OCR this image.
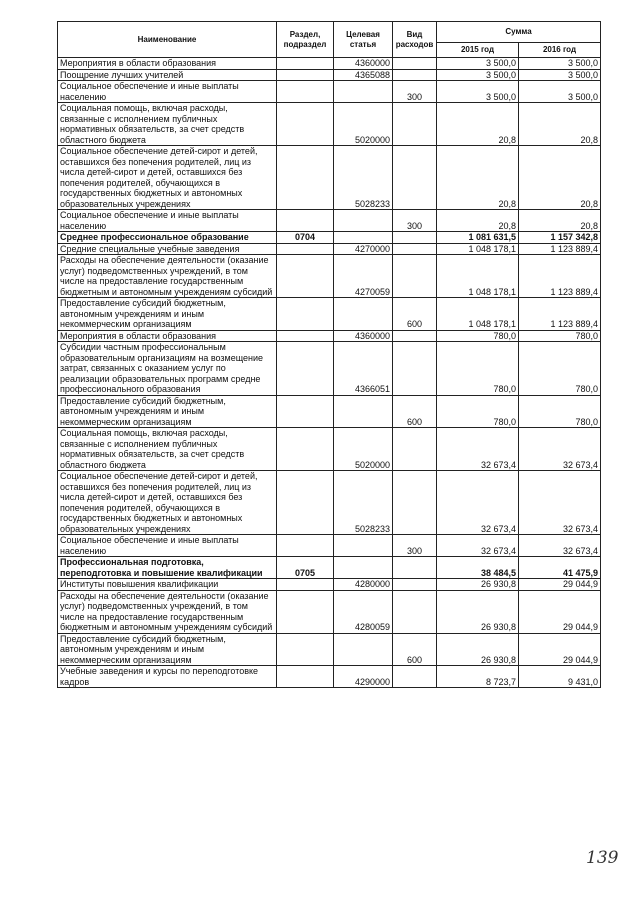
Наименование	Раздел, подраздел	Целевая статья	Вид расходов	Сумма	
				2015 год	2016 год
Мероприятия в области образования		4360000		3 500,0	3 500,0
Поощрение лучших учителей		4365088		3 500,0	3 500,0
Социальное обеспечение и иные выплаты населению			300	3 500,0	3 500,0
Социальная помощь, включая расходы, связанные с исполнением публичных нормативных обязательств, за счет средств областного бюджета		5020000		20,8	20,8
Социальное обеспечение детей-сирот и детей, оставшихся без попечения родителей, лиц из числа детей-сирот и детей, оставшихся без попечения родителей, обучающихся в государственных бюджетных и автономных образовательных учреждениях		5028233		20,8	20,8
Социальное обеспечение и иные выплаты населению			300	20,8	20,8
Среднее профессиональное образование	0704			1 081 631,5	1 157 342,8
Средние специальные учебные заведения		4270000		1 048 178,1	1 123 889,4
Расходы на обеспечение деятельности (оказание услуг) подведомственных учреждений, в том числе на предоставление государственным бюджетным и автономным учреждениям субсидий		4270059		1 048 178,1	1 123 889,4
Предоставление субсидий бюджетным, автономным учреждениям и иным некоммерческим организациям			600	1 048 178,1	1 123 889,4
Мероприятия в области образования		4360000		780,0	780,0
Субсидии частным профессиональным образовательным организациям на возмещение затрат, связанных с оказанием услуг по реализации образовательных программ средне профессионального образования		4366051		780,0	780,0
Предоставление субсидий бюджетным, автономным учреждениям и иным некоммерческим организациям			600	780,0	780,0
Социальная помощь, включая расходы, связанные с исполнением публичных нормативных обязательств, за счет средств областного бюджета		5020000		32 673,4	32 673,4
Социальное обеспечение детей-сирот и детей, оставшихся без попечения родителей, лиц из числа детей-сирот и детей, оставшихся без попечения родителей, обучающихся в государственных бюджетных и автономных образовательных учреждениях		5028233		32 673,4	32 673,4
Социальное обеспечение и иные выплаты населению			300	32 673,4	32 673,4
Профессиональная подготовка, переподготовка и повышение квалификации	0705			38 484,5	41 475,9
Институты повышения квалификации		4280000		26 930,8	29 044,9
Расходы на обеспечение деятельности (оказание услуг) подведомственных учреждений, в том числе на предоставление государственным бюджетным и автономным учреждениям субсидий		4280059		26 930,8	29 044,9
Предоставление субсидий бюджетным, автономным учреждениям и иным некоммерческим организациям			600	26 930,8	29 044,9
Учебные заведения и курсы по переподготовке кадров		4290000		8 723,7	9 431,0
139
